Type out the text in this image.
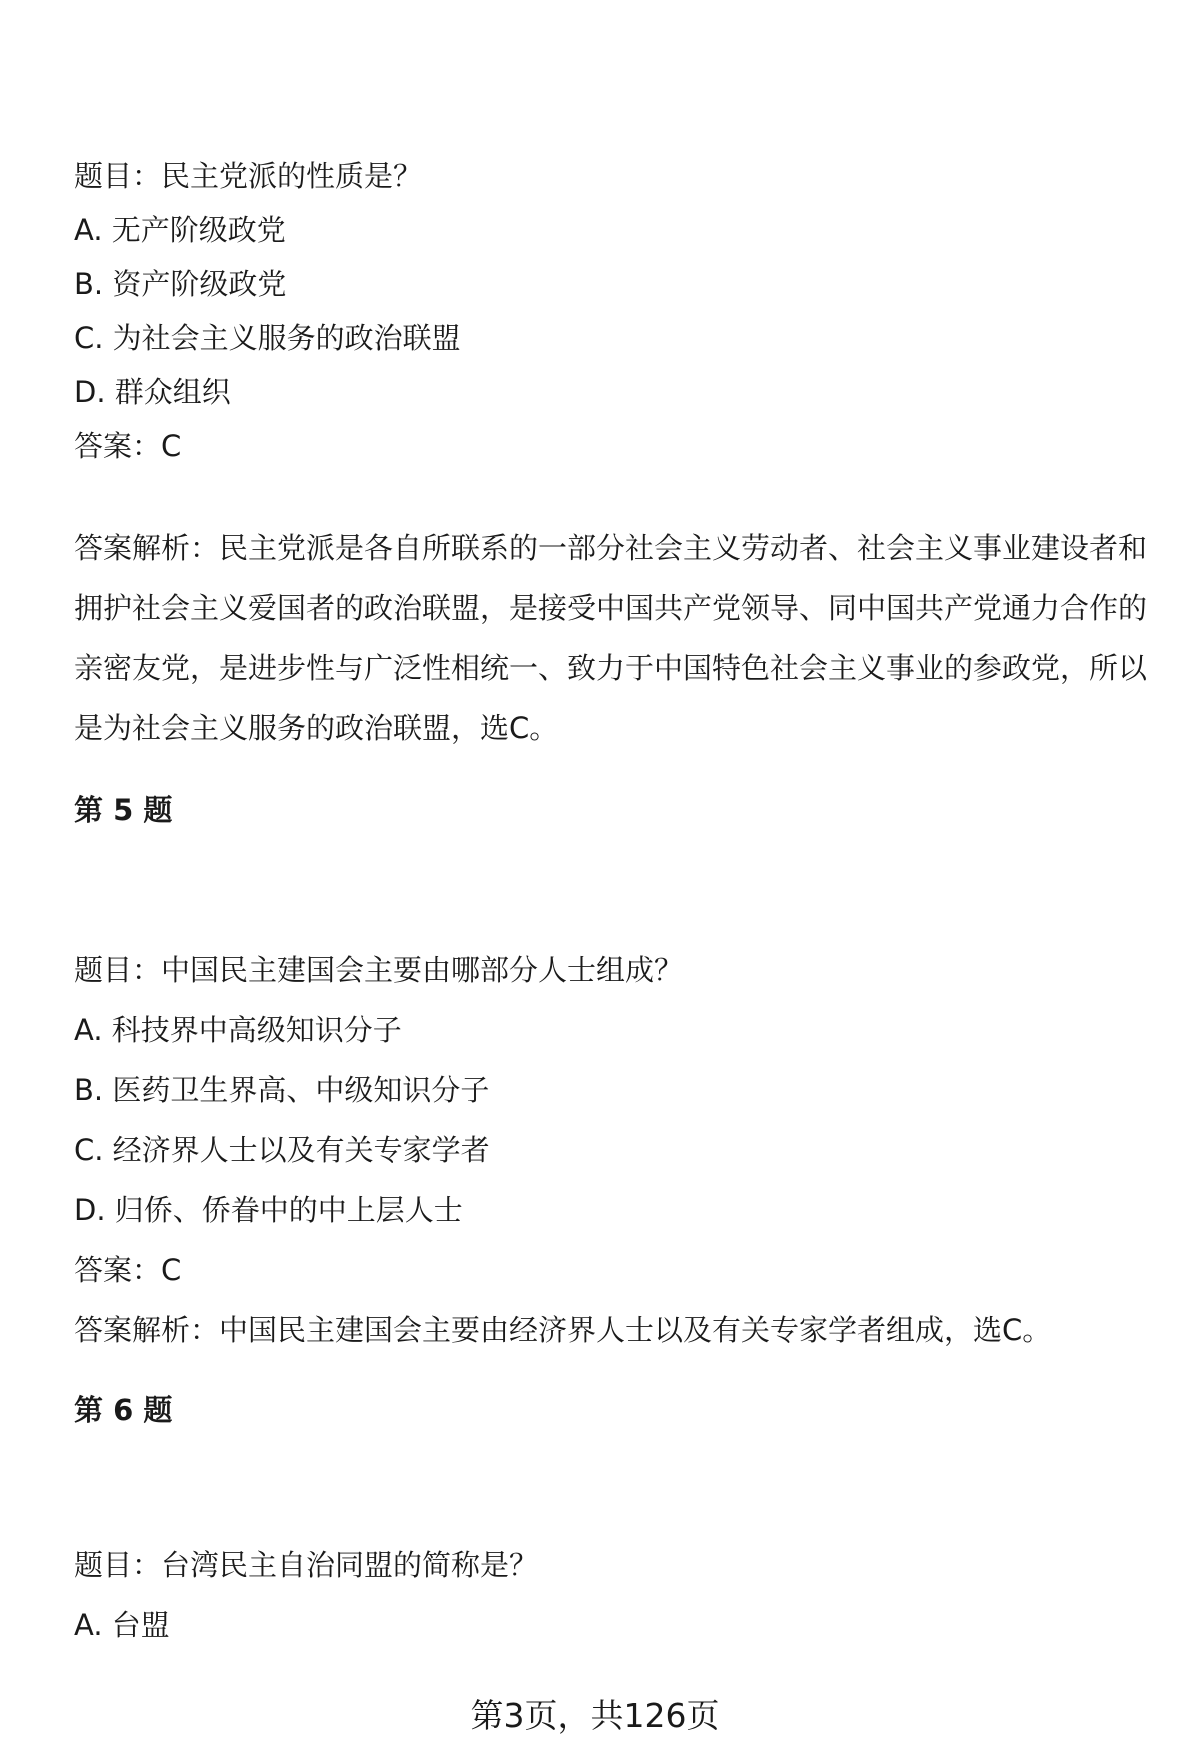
题目：民主党派的性质是？
A. 无产阶级政党
B. 资产阶级政党
C. 为社会主义服务的政治联盟
D. 群众组织
答案：C

答案解析：民主党派是各自所联系的一部分社会主义劳动者、社会主义事业建设者和拥护社会主义爱国者的政治联盟，是接受中国共产党领导、同中国共产党通力合作的亲密友党，是进步性与广泛性相统一、致力于中国特色社会主义事业的参政党，所以是为社会主义服务的政治联盟，选C。

第 5 题
题目：中国民主建国会主要由哪部分人士组成？
A. 科技界中高级知识分子
B. 医药卫生界高、中级知识分子
C. 经济界人士以及有关专家学者
D. 归侨、侨眷中的中上层人士
答案：C
答案解析：中国民主建国会主要由经济界人士以及有关专家学者组成，选C。
第 6 题
题目：台湾民主自治同盟的简称是？
A. 台盟
第3页，共126页
